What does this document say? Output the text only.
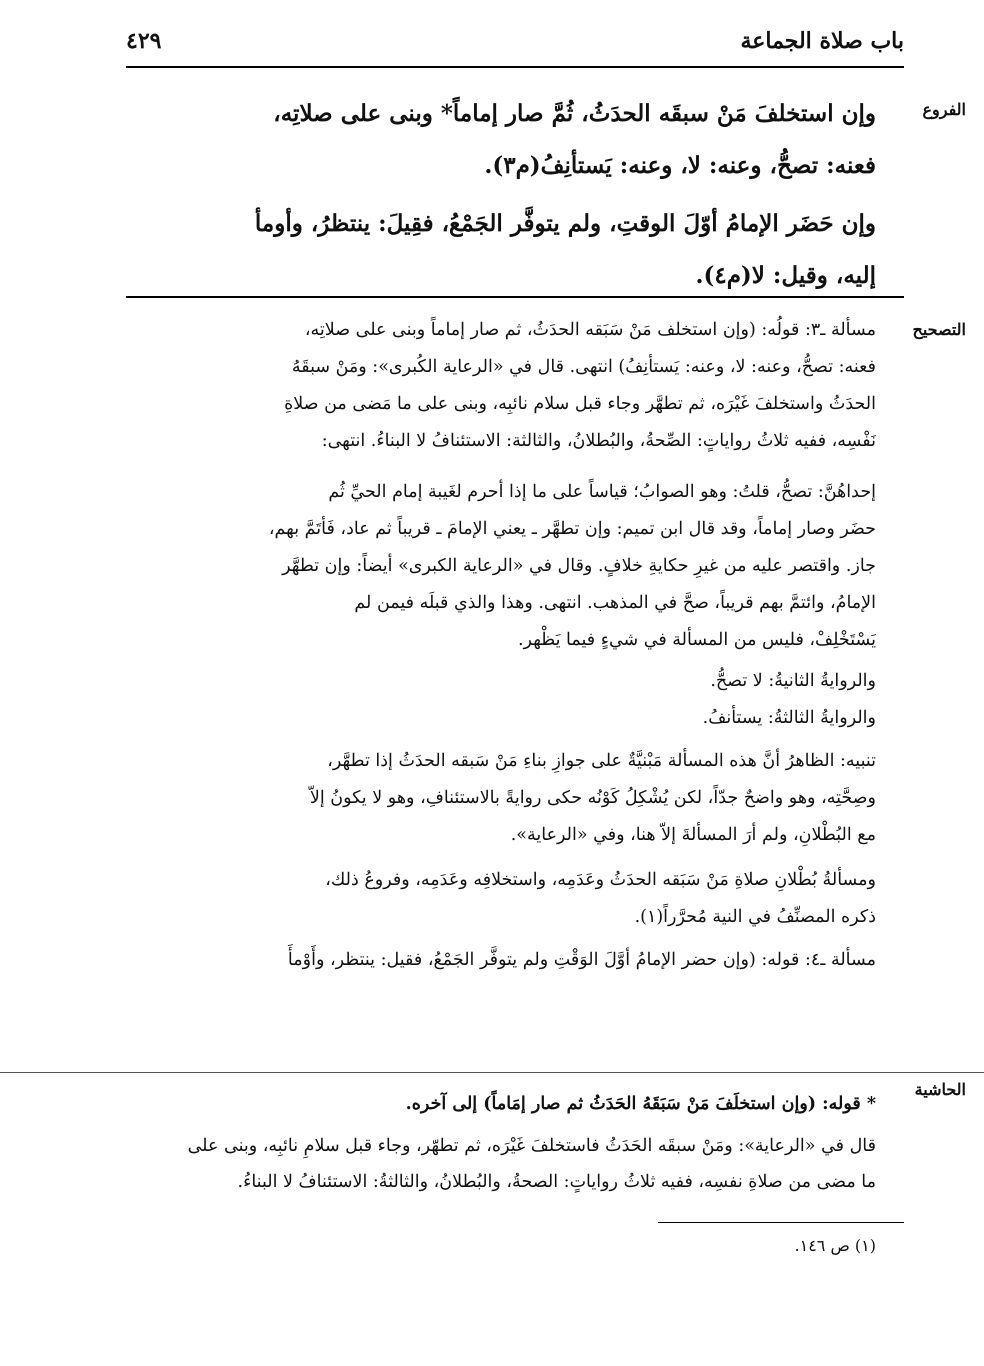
باب صلاة الجماعة
٤٢٩
الفروع
التصحيح
الحاشية
وإن استخلفَ مَنْ سبقَه الحدَثُ، ثُمَّ صار إماماً* وبنى على صلاتِه،
فعنه: تصحُّ، وعنه: لا، وعنه: يَستأنِفُ(م٣).
وإن حَضَر الإمامُ أوّلَ الوقتِ، ولم يتوفَّر الجَمْعُ، فقِيلَ: ينتظرُ، وأومأ
إليه، وقيل: لا(م٤).
مسألة ـ٣: قولُه: (وإن استخلف مَنْ سَبَقه الحدَثُ، ثم صار إماماً وبنى على صلاتِه،
فعنه: تصحُّ، وعنه: لا، وعنه: يَستأنِفُ) انتهى. قال في «الرعاية الكُبرى»: ومَنْ سبقَهُ
الحدَثُ واستخلفَ غَيْرَه، ثم تطهَّر وجاء قبل سلام نائبِه، وبنى على ما مَضى من صلاةِ
نَفْسِه، ففيه ثلاثُ رواياتٍ: الصِّحةُ، والبُطلانُ، والثالثة: الاستئنافُ لا البناءُ. انتهى:
إحداهُنَّ: تصحُّ، قلتُ: وهو الصوابُ؛ قياساً على ما إذا أحرم لغَيبة إمام الحيِّ ثُم
حضَر وصار إماماً، وقد قال ابن تميم: وإن تطهَّر ـ يعني الإمامَ ـ قريباً ثم عاد، فَأتَمَّ بهم،
جاز. واقتصر عليه من غيرِ حكايةِ خلافٍ. وقال في «الرعاية الكبرى» أيضاً: وإن تطهَّر
الإمامُ، وائتمَّ بهم قريباً، صحَّ في المذهب. انتهى. وهذا والذي قبلَه فيمن لم
يَسْتَخْلِفْ، فليس من المسألة في شيءٍ فيما يَظْهر.
والروايةُ الثانيةُ: لا تصحُّ.
والروايةُ الثالثةُ: يستأنفُ.
تنبيه: الظاهرُ أنَّ هذه المسألة مَبْنيَّةٌ على جوازِ بناءِ مَنْ سَبقه الحدَثُ إذا تطهَّر،
وصِحَّتِه، وهو واضحٌ جدّاً، لكن يُشْكِلُ كَوْنُه حكى روايةً بالاستئنافِ، وهو لا يكونُ إلاّ
مع البُطْلانِ، ولم أرَ المسألةَ إلاّ هنا، وفي «الرعاية».
ومسألةُ بُطْلانِ صلاةِ مَنْ سَبَقه الحدَثُ وعَدَمِه، واستخلافِه وعَدَمِه، وفروعُ ذلك،
ذكره المصنِّفُ في النية مُحرَّراً(١).
مسألة ـ٤: قوله: (وإن حضر الإمامُ أوَّلَ الوَقْتِ ولم يتوفَّر الجَمْعُ، فقيل: ينتظر، وأَوْمأَ
* قوله: (وإن استخلَفَ مَنْ سَبَقَهُ الحَدَثُ ثم صار إمَاماً) إلى آخره.
قال في «الرعاية»: ومَنْ سبقَه الحَدَثُ فاستخلفَ غَيْرَه، ثم تطهّر، وجاء قبل سلامِ نائبِه، وبنى على
ما مضى من صلاةِ نفسِه، ففيه ثلاثُ رواياتٍ: الصحةُ، والبُطلانُ، والثالثةُ: الاستئنافُ لا البناءُ.
(١) ص ١٤٦.
